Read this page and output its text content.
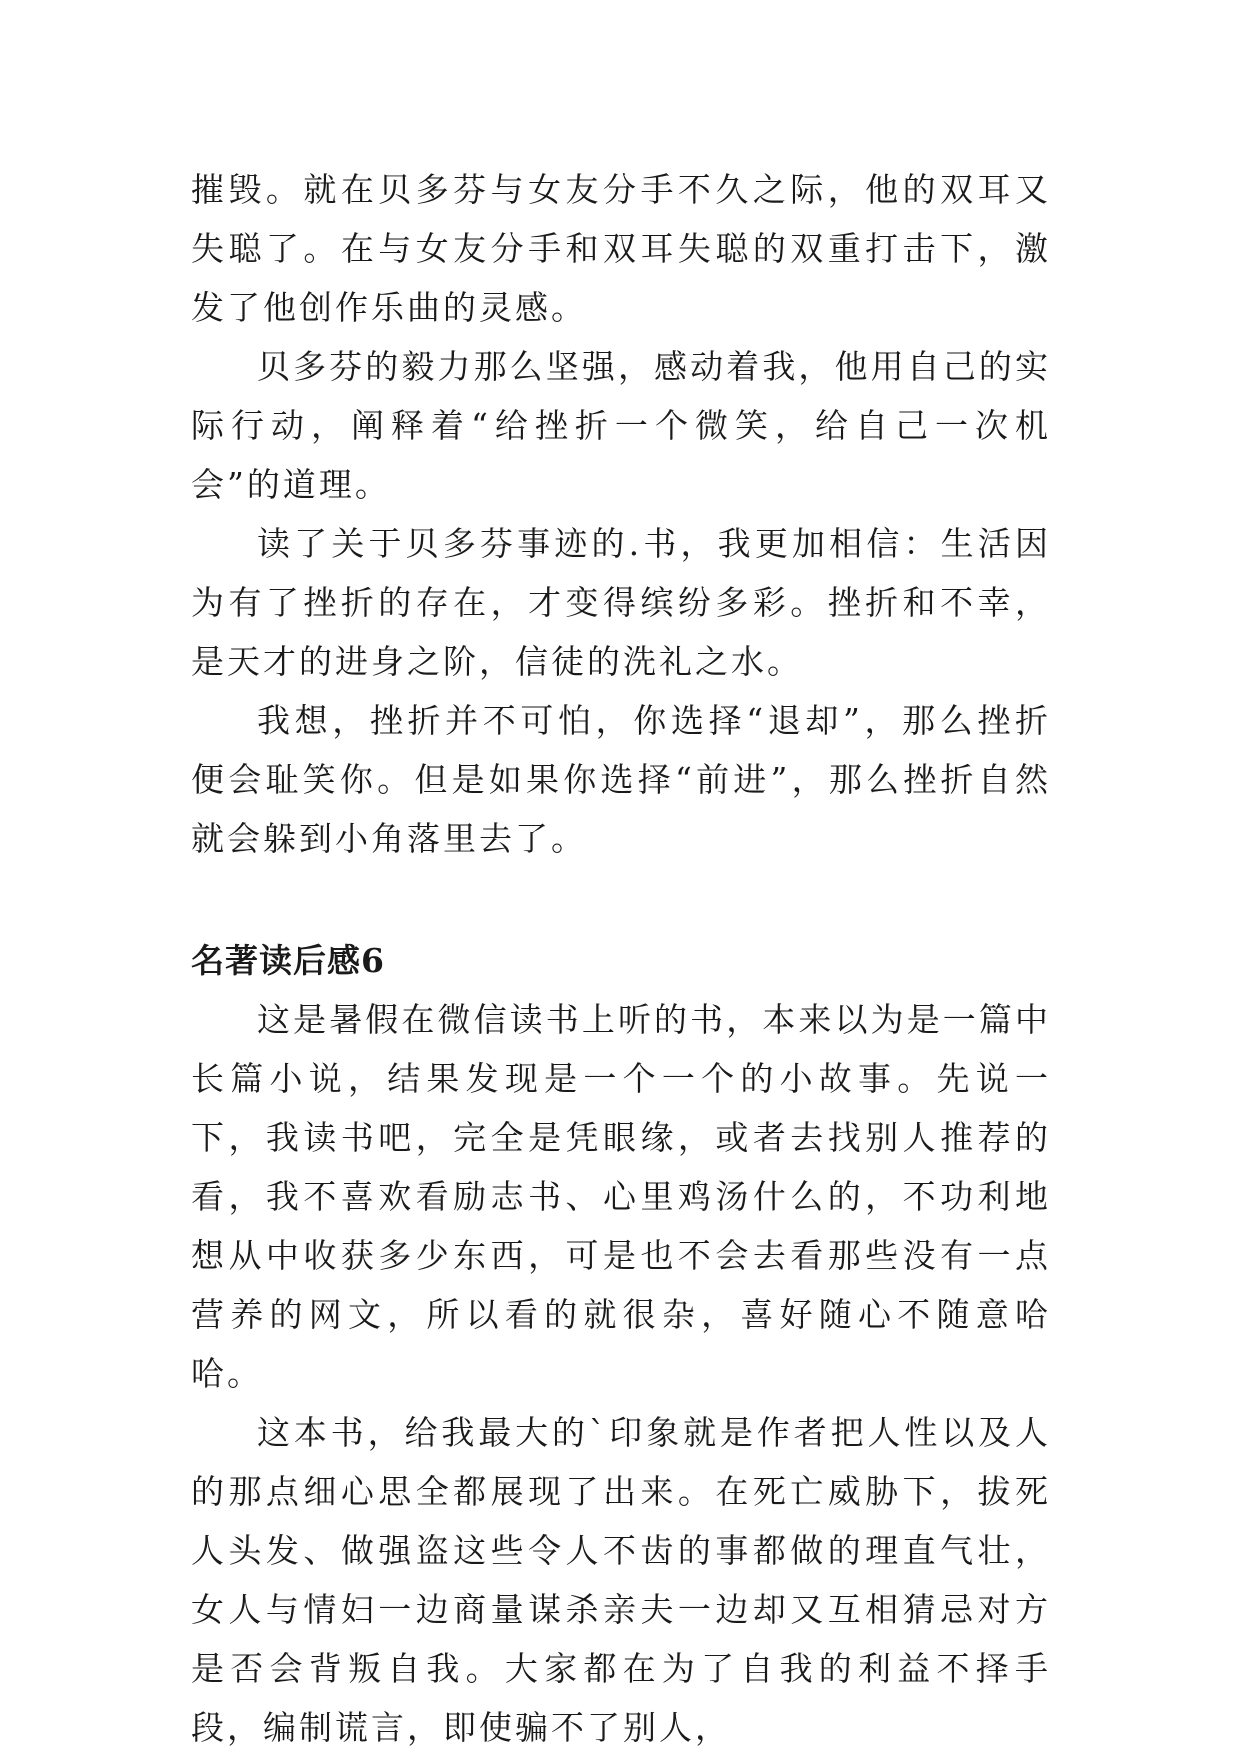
摧毁。就在贝多芬与女友分手不久之际，他的双耳又失聪了。在与女友分手和双耳失聪的双重打击下，激发了他创作乐曲的灵感。

贝多芬的毅力那么坚强，感动着我，他用自己的实际行动，阐释着“给挫折一个微笑，给自己一次机会”的道理。

读了关于贝多芬事迹的.书，我更加相信：生活因为有了挫折的存在，才变得缤纷多彩。挫折和不幸，是天才的进身之阶，信徒的洗礼之水。

我想，挫折并不可怕，你选择“退却”，那么挫折便会耻笑你。但是如果你选择“前进”，那么挫折自然就会躲到小角落里去了。

名著读后感6

这是暑假在微信读书上听的书，本来以为是一篇中长篇小说，结果发现是一个一个的小故事。先说一下，我读书吧，完全是凭眼缘，或者去找别人推荐的看，我不喜欢看励志书、心里鸡汤什么的，不功利地想从中收获多少东西，可是也不会去看那些没有一点营养的网文，所以看的就很杂，喜好随心不随意哈哈。

这本书，给我最大的`印象就是作者把人性以及人的那点细心思全都展现了出来。在死亡威胁下，拔死人头发、做强盗这些令人不齿的事都做的理直气壮，女人与情妇一边商量谋杀亲夫一边却又互相猜忌对方是否会背叛自我。大家都在为了自我的利益不择手段，编制谎言，即使骗不了别人，
